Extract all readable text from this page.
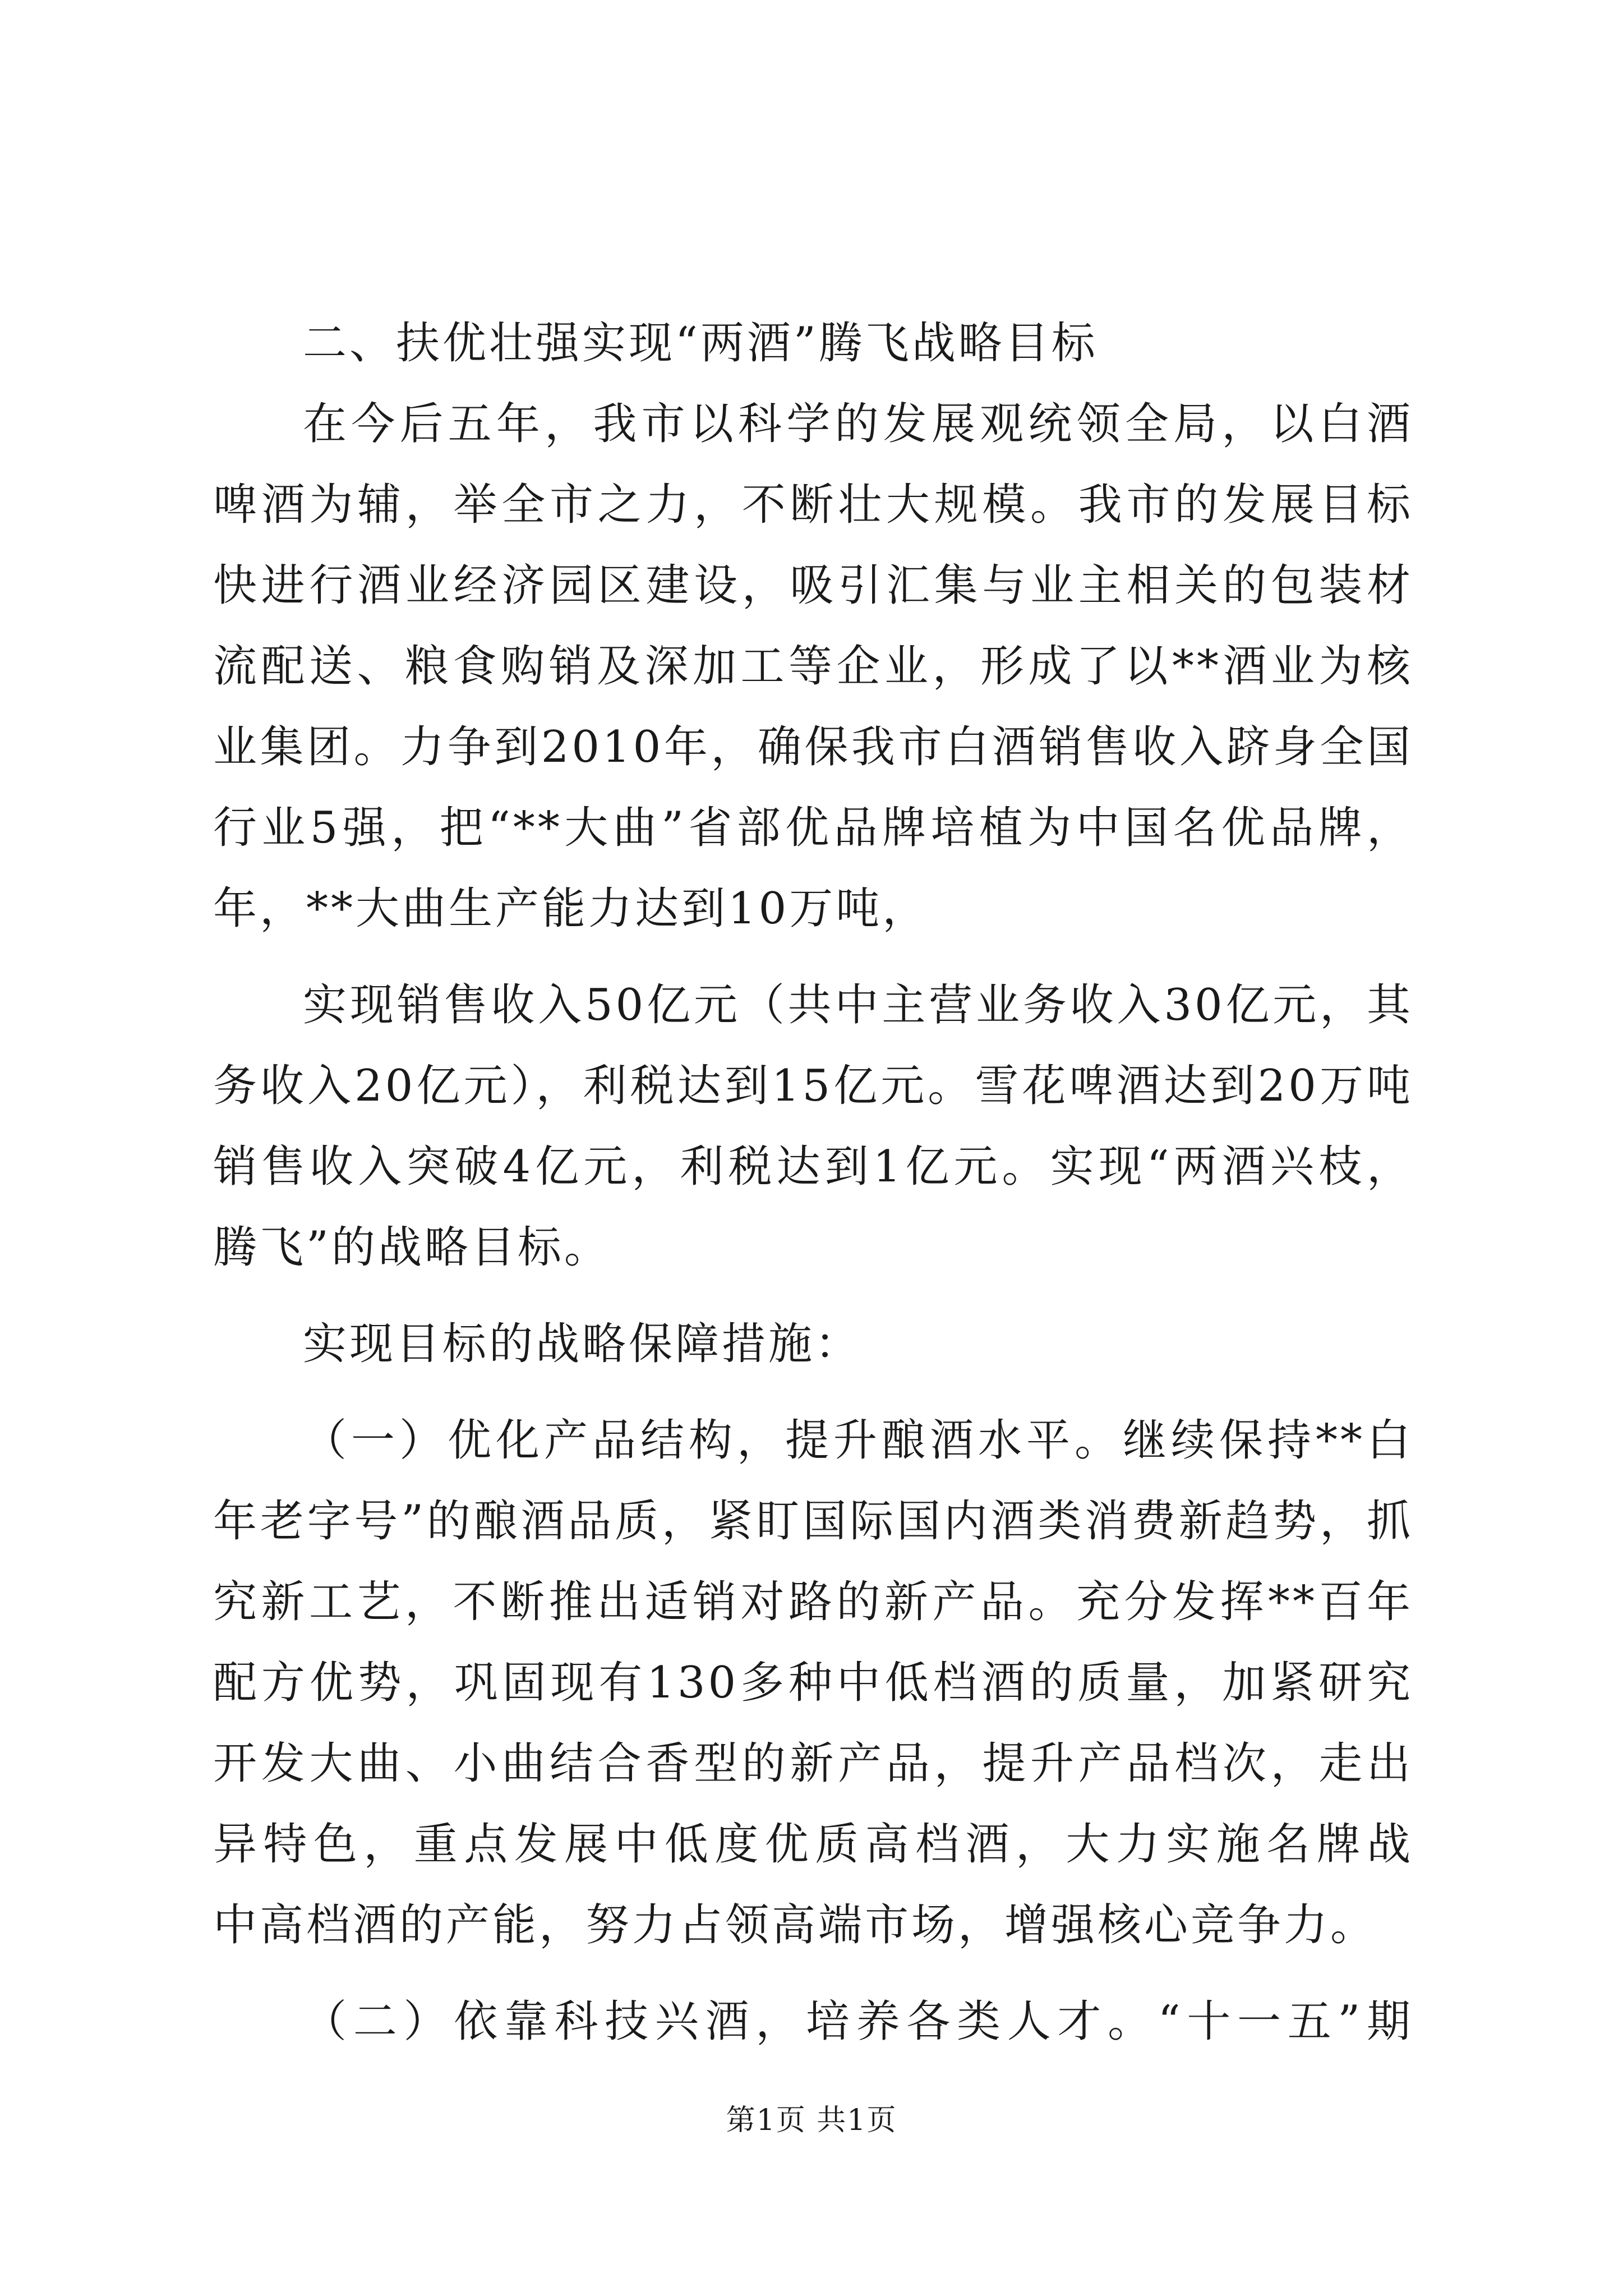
二、扶优壮强实现“两酒”腾飞战略目标
在今后五年，我市以科学的发展观统领全局，以白酒
啤酒为辅，举全市之力，不断壮大规模。我市的发展目标
快进行酒业经济园区建设，吸引汇集与业主相关的包装材
流配送、粮食购销及深加工等企业，形成了以**酒业为核
业集团。力争到2010年，确保我市白酒销售收入跻身全国
行业5强，把“**大曲”省部优品牌培植为中国名优品牌，
年，**大曲生产能力达到10万吨，
实现销售收入50亿元（共中主营业务收入30亿元，其
务收入20亿元），利税达到15亿元。雪花啤酒达到20万吨
销售收入突破4亿元，利税达到1亿元。实现“两酒兴枝，
腾飞”的战略目标。
实现目标的战略保障措施：
（一）优化产品结构，提升酿酒水平。继续保持**白
年老字号”的酿酒品质，紧盯国际国内酒类消费新趋势，抓
究新工艺，不断推出适销对路的新产品。充分发挥**百年
配方优势，巩固现有130多种中低档酒的质量，加紧研究
开发大曲、小曲结合香型的新产品，提升产品档次，走出
异特色，重点发展中低度优质高档酒，大力实施名牌战
中高档酒的产能，努力占领高端市场，增强核心竞争力。
（二）依靠科技兴酒，培养各类人才。“十一五”期
第1页 共1页
